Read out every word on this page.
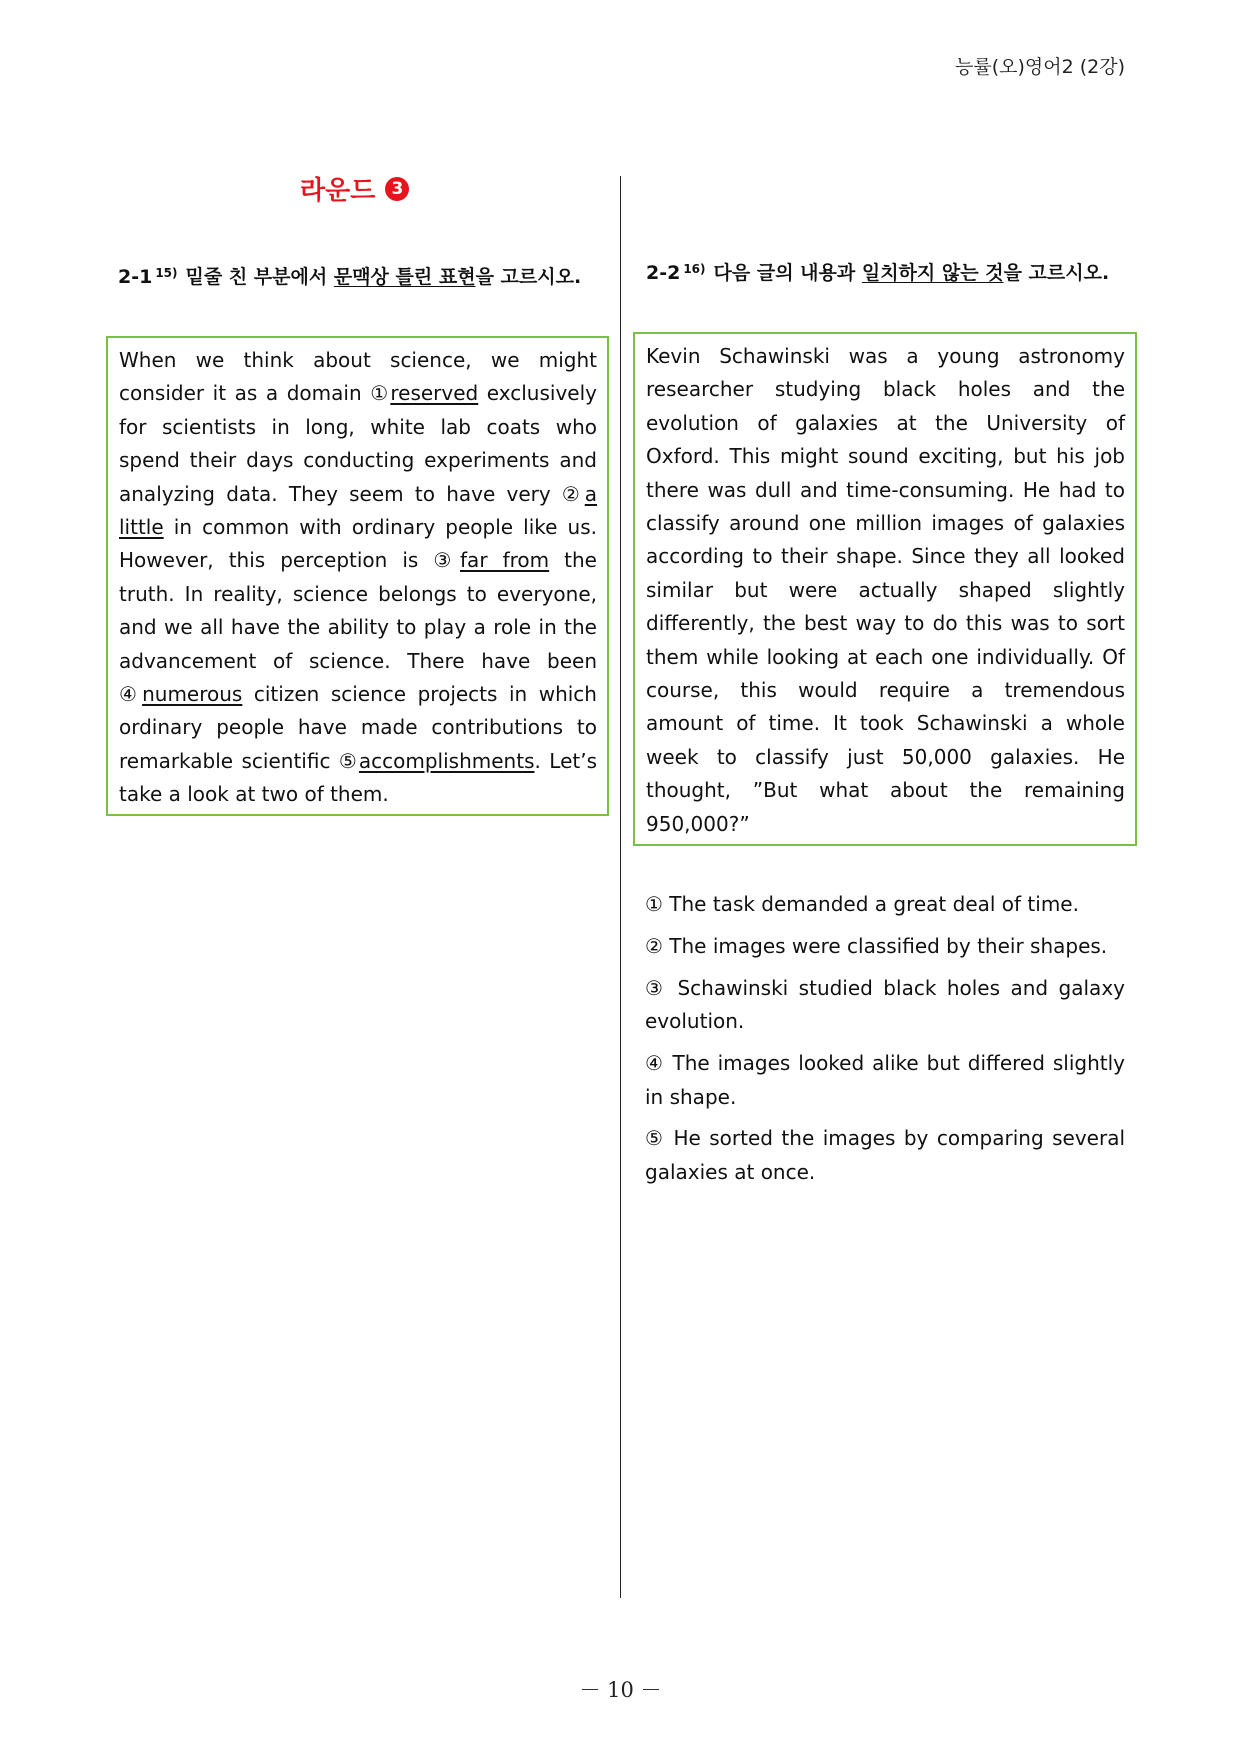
능률(오)영어2 (2강)
라운드 3
2-1 $^{15)}$ 밑줄 친 부분에서 문맥상 틀린 표현을 고르시오.	2-2 $^{16)}$ 다음 글의 내용과 일치하지 않는 것을 고르시오.
When we think about science, we might consider it as a domain ①reserved exclusively for scientists in long, white lab coats who spend their days conducting experiments and analyzing data. They seem to have very ②a little in common with ordinary people like us. However, this perception is ③far from the truth. In reality, science belongs to everyone, and we all have the ability to play a role in the advancement of science. There have been ④numerous citizen science projects in which ordinary people have made contributions to remarkable scientific ⑤accomplishments. Let’s take a look at two of them.
Kevin Schawinski was a young astronomy researcher studying black holes and the evolution of galaxies at the University of Oxford. This might sound exciting, but his job there was dull and time-consuming. He had to classify around one million images of galaxies according to their shape. Since they all looked similar but were actually shaped slightly differently, the best way to do this was to sort them while looking at each one individually. Of course, this would require a tremendous amount of time. It took Schawinski a whole week to classify just 50,000 galaxies. He thought, ”But what about the remaining 950,000?”
① The task demanded a great deal of time.
② The images were classified by their shapes.
③ Schawinski studied black holes and galaxy evolution.
④ The images looked alike but differed slightly in shape.
⑤ He sorted the images by comparing several galaxies at once.
－ 10 －
